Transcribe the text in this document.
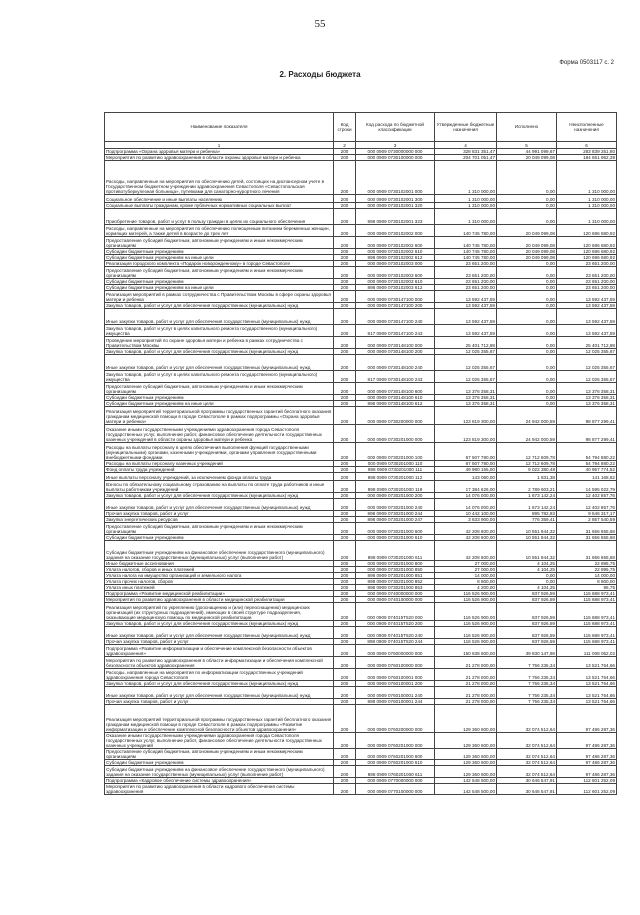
55
Форма 0503117 с. 2
2. Расходы бюджета
Наименование показателя	Код строки	Код расхода по бюджетной классификации	Утвержденные бюджетные назначения	Исполнено	Неисполненные назначения
1	2	3	4	5	6
Подпрограмма «Охрана здоровья матери и ребенка»	200	000 0909 0730000000 000	328 831 351,47	44 991 099,67	283 839 251,80
Мероприятия по развитию здравоохранения в области охраны здоровья матери и ребенка	200	000 0909 0730100000 000	204 701 051,47	20 049 099,08	184 651 952,39
Расходы, направленные на мероприятия по обеспечению детей, состоящих на диспансерном учете в Государственном бюджетном учреждении здравоохранения Севастополя «Севастопольская противотуберкулезная больница», путевками для санаторно-курортного лечения	200	000 0909 0730102001 000	1 310 000,00	0,00	1 310 000,00
Социальное обеспечение и иные выплаты населению	200	000 0909 0730102001 300	1 310 000,00	0,00	1 310 000,00
Социальные выплаты гражданам, кроме публичных нормативных социальных выплат	200	000 0909 0730102001 320	1 310 000,00	0,00	1 310 000,00
Приобретение товаров, работ и услуг в пользу граждан в целях их социального обеспечения	200	898 0909 0730102001 323	1 310 000,00	0,00	1 310 000,00
Расходы, направленные на мероприятия по обеспечению полноценным питанием беременных женщин, кормящих матерей, а также детей в возрасте до трех лет	200	000 0909 0730102002 000	140 745 780,00	20 049 099,08	120 696 680,92
Предоставление субсидий бюджетным, автономным учреждениям и иным некоммерческим организациям	200	000 0909 0730102002 600	140 745 780,00	20 049 099,08	120 696 680,92
Субсидии бюджетным учреждениям	200	000 0909 0730102002 610	140 745 780,00	20 049 099,08	120 696 680,92
Субсидии бюджетным учреждениям на иные цели	200	898 0909 0730102002 612	140 745 780,00	20 049 099,08	120 696 680,92
Реализация городского комплекта «Подарок новорожденному» в городе Севастополе	200	000 0909 0730102003 000	23 651 200,00	0,00	23 651 200,00
Предоставление субсидий бюджетным, автономным учреждениям и иным некоммерческим организациям	200	000 0909 0730102003 600	23 651 200,00	0,00	23 651 200,00
Субсидии бюджетным учреждениям	200	000 0909 0730102003 610	23 651 200,00	0,00	23 651 200,00
Субсидии бюджетным учреждениям на иные цели	200	898 0909 0730102003 612	23 651 200,00	0,00	23 651 200,00
Реализация мероприятий в рамках сотрудничества с Правительством Москвы в сфере охраны здоровья матери и ребенка	200	000 0909 0730147100 000	13 592 437,59	0,00	13 592 437,59
Закупка товаров, работ и услуг для обеспечения государственных (муниципальных) нужд	200	000 0909 0730147100 200	13 592 437,59	0,00	13 592 437,59
Иные закупки товаров, работ и услуг для обеспечения государственных (муниципальных) нужд	200	000 0909 0730147100 240	13 592 437,59	0,00	13 592 437,59
Закупка товаров, работ и услуг в целях капитального ремонта государственного (муниципального) имущества	200	817 0909 0730147100 243	13 592 437,59	0,00	13 592 437,59
Проведение мероприятий по охране здоровья матери и ребенка в рамках сотрудничества с Правительством Москвы	200	000 0909 0730148100 000	25 401 712,98	0,00	25 401 712,98
Закупка товаров, работ и услуг для обеспечения государственных (муниципальных) нужд	200	000 0909 0730148100 200	12 025 355,67	0,00	12 025 355,67
Иные закупки товаров, работ и услуг для обеспечения государственных (муниципальных) нужд	200	000 0909 0730148100 240	12 025 355,67	0,00	12 025 355,67
Закупка товаров, работ и услуг в целях капитального ремонта государственного (муниципального) имущества	200	817 0909 0730148100 243	12 025 355,67	0,00	12 025 355,67
Предоставление субсидий бюджетным, автономным учреждениям и иным некоммерческим организациям	200	000 0909 0730148100 600	13 376 358,31	0,00	13 376 358,31
Субсидии бюджетным учреждениям	200	000 0909 0730148100 610	13 376 358,31	0,00	13 376 358,31
Субсидии бюджетным учреждениям на иные цели	200	898 0909 0730148100 612	13 376 358,31	0,00	13 376 358,31
Реализация мероприятий территориальной программы государственных гарантий бесплатного оказания гражданам медицинской помощи в городе Севастополе в рамках подпрограммы «Охрана здоровья матери и ребенка»	200	000 0909 0730200000 000	123 819 300,00	24 942 000,59	98 877 299,41
Оказание иными государственными учреждениями здравоохранения города Севастополя государственных услуг, выполнение работ, финансовое обеспечение деятельности государственных казенных учреждений в области охраны здоровья матери и ребенка	200	000 0909 0730201000 000	123 819 300,00	24 942 000,59	98 877 299,41
Расходы на выплаты персоналу в целях обеспечения выполнения функций государственными (муниципальными) органами, казенными учреждениями, органами управления государственными внебюджетными фондами	200	000 0909 0730201000 100	67 507 780,00	12 712 609,78	54 794 880,22
Расходы на выплаты персоналу казенных учреждений	200	000 0909 0730201000 110	67 507 780,00	12 712 609,78	54 794 880,22
Фонд оплаты труда учреждений	200	898 0909 0730201000 111	49 980 155,00	9 022 380,48	40 957 774,52
Иные выплаты персоналу учреждений, за исключением фонда оплаты труда	200	898 0909 0730201000 112	143 060,00	1 831,38	141 168,62
Взносы по обязательному социальному страхованию на выплаты по оплате труда работников и иные выплаты работникам учреждений	200	898 0909 0730201000 119	17 384 626,00	2 789 603,21	14 595 022,79
Закупка товаров, работ и услуг для обеспечения государственных (муниципальных) нужд	200	000 0909 0730201000 200	14 076 000,00	1 673 142,24	12 402 857,76
Иные закупки товаров, работ и услуг для обеспечения государственных (муниципальных) нужд	200	000 0909 0730201000 240	14 076 000,00	1 673 142,24	12 402 857,76
Прочая закупка товаров, работ и услуг	200	898 0909 0730201000 244	10 442 100,00	895 782,83	9 546 317,17
Закупка энергетических ресурсов	200	898 0909 0730201000 247	3 633 900,00	776 359,41	2 857 540,59
Предоставление субсидий бюджетным, автономным учреждениям и иным некоммерческим организациям	200	000 0909 0730201000 600	42 208 600,00	10 551 944,32	31 656 655,68
Субсидии бюджетным учреждениям	200	000 0909 0730201000 610	42 208 600,00	10 551 944,32	31 656 655,68
Субсидии бюджетным учреждениям на финансовое обеспечение государственного (муниципального) задания на оказание государственных (муниципальных) услуг (выполнение работ)	200	898 0909 0730201000 611	42 208 600,00	10 551 944,32	31 656 655,68
Иные бюджетные ассигнования	200	000 0909 0730201000 800	27 000,00	4 104,25	22 895,75
Уплата налогов, сборов и иных платежей	200	000 0909 0730201000 850	27 000,00	4 104,25	22 895,75
Уплата налога на имущество организаций и земельного налога	200	898 0909 0730201000 851	14 000,00	0,00	14 000,00
Уплата прочих налогов, сборов	200	898 0909 0730201000 852	8 800,00	0,00	8 800,00
Уплата иных платежей	200	898 0909 0730201000 853	4 200,00	4 104,25	95,75
Подпрограмма «Развитие медицинской реабилитации»	200	000 0909 0740000000 000	116 526 900,00	837 926,59	115 688 973,41
Мероприятия по развитию здравоохранения в области медицинской реабилитации	200	000 0909 0740100000 000	116 526 900,00	837 926,59	115 688 973,41
Реализация мероприятий по укреплению (дооснащению и (или) переоснащению) медицинских организаций (их структурных подразделений), имеющих в своей структуре подразделения, оказывающие медицинскую помощь по медицинской реабилитации	200	000 0909 074015Т520 000	116 526 900,00	837 926,59	115 688 973,41
Закупка товаров, работ и услуг для обеспечения государственных (муниципальных) нужд	200	000 0909 074015Т520 200	116 526 900,00	837 926,59	115 688 973,41
Иные закупки товаров, работ и услуг для обеспечения государственных (муниципальных) нужд	200	000 0909 074015Т520 240	116 526 900,00	837 926,59	115 688 973,41
Прочая закупка товаров, работ и услуг	200	898 0909 074015Т520 244	116 526 900,00	837 926,59	115 688 973,41
Подпрограмма «Развитие информатизации и обеспечение комплексной безопасности объектов здравоохранения»	200	000 0909 0760000000 000	150 638 600,00	39 830 147,98	111 008 052,02
Мероприятия по развитию здравоохранения в области информатизации и обеспечения комплексной безопасности объектов здравоохранения	200	000 0909 0760100000 000	21 278 000,00	7 756 235,34	13 521 764,66
Расходы, направленные на мероприятия по информатизации государственных учреждений здравоохранения города Севастополя	200	000 0909 0760100001 000	21 278 000,00	7 756 235,34	13 521 764,66
Закупка товаров, работ и услуг для обеспечения государственных (муниципальных) нужд	200	000 0909 0760100001 200	21 278 000,00	7 756 235,34	13 521 764,66
Иные закупки товаров, работ и услуг для обеспечения государственных (муниципальных) нужд	200	000 0909 0760100001 240	21 278 000,00	7 756 235,34	13 521 764,66
Прочая закупка товаров, работ и услуг	200	898 0909 0760100001 244	21 278 000,00	7 756 235,34	13 521 764,66
Реализация мероприятий территориальной программы государственных гарантий бесплатного оказания гражданам медицинской помощи в городе Севастополе в рамках подпрограммы «Развитие информатизации и обеспечение комплексной безопасности объектов здравоохранения»	200	000 0909 0760200000 000	129 360 600,00	32 074 512,64	97 486 287,36
Оказание иными государственными учреждениями здравоохранения города Севастополя государственных услуг, выполнение работ, финансовое обеспечение деятельности государственных казенных учреждений	200	000 0909 0760201000 000	129 360 600,00	32 074 512,64	97 486 287,36
Предоставление субсидий бюджетным, автономным учреждениям и иным некоммерческим организациям	200	000 0909 0760201000 600	129 360 600,00	32 074 512,64	97 486 287,36
Субсидии бюджетным учреждениям	200	000 0909 0760201000 610	129 360 600,00	32 074 512,64	97 486 287,36
Субсидии бюджетным учреждениям на финансовое обеспечение государственного (муниципального) задания на оказание государственных (муниципальных) услуг (выполнение работ)	200	898 0909 0760201000 611	129 360 600,00	32 074 512,64	97 486 287,36
Подпрограмма «Кадровое обеспечение системы здравоохранения»	200	000 0909 0770000000 000	142 548 500,00	30 646 547,91	112 601 252,09
Мероприятия по развитию здравоохранения в области кадрового обеспечения системы здравоохранения	200	000 0909 0770100000 000	142 548 500,00	30 646 547,91	112 601 252,09
